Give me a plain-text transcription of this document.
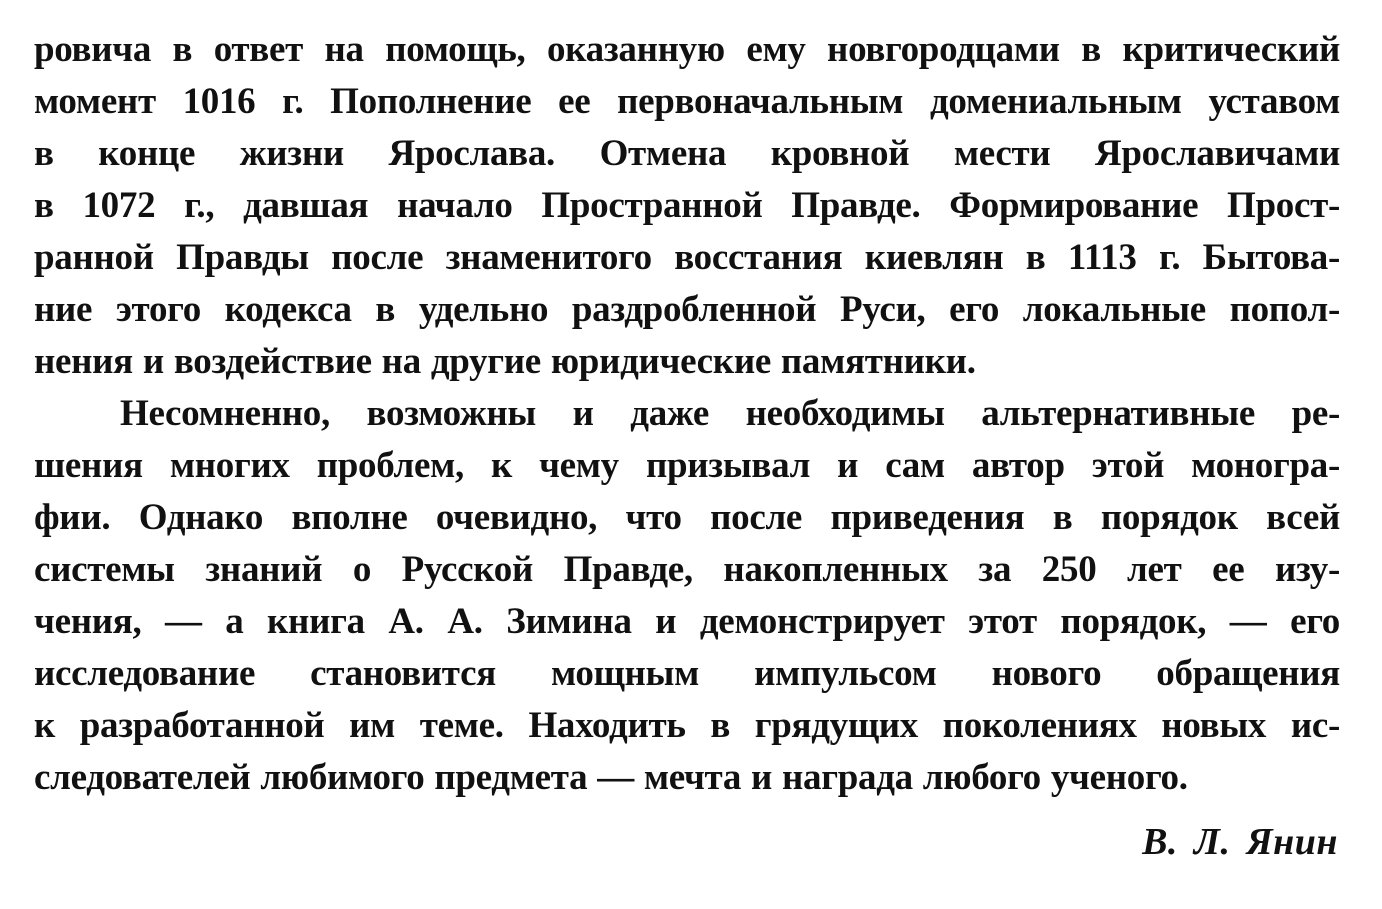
ровича в ответ на помощь, оказанную ему новгородцами в критический
момент 1016 г. Пополнение ее первоначальным домениальным уставом
в конце жизни Ярослава. Отмена кровной мести Ярославичами
в 1072 г., давшая начало Пространной Правде. Формирование Прост-
ранной Правды после знаменитого восстания киевлян в 1113 г. Бытова-
ние этого кодекса в удельно раздробленной Руси, его локальные попол-
нения и воздействие на другие юридические памятники.
Несомненно, возможны и даже необходимы альтернативные ре-
шения многих проблем, к чему призывал и сам автор этой моногра-
фии. Однако вполне очевидно, что после приведения в порядок всей
системы знаний о Русской Правде, накопленных за 250 лет ее изу-
чения, — а книга А. А. Зимина и демонстрирует этот порядок, — его
исследование становится мощным импульсом нового обращения
к разработанной им теме. Находить в грядущих поколениях новых ис-
следователей любимого предмета — мечта и награда любого ученого.
В. Л. Янин
